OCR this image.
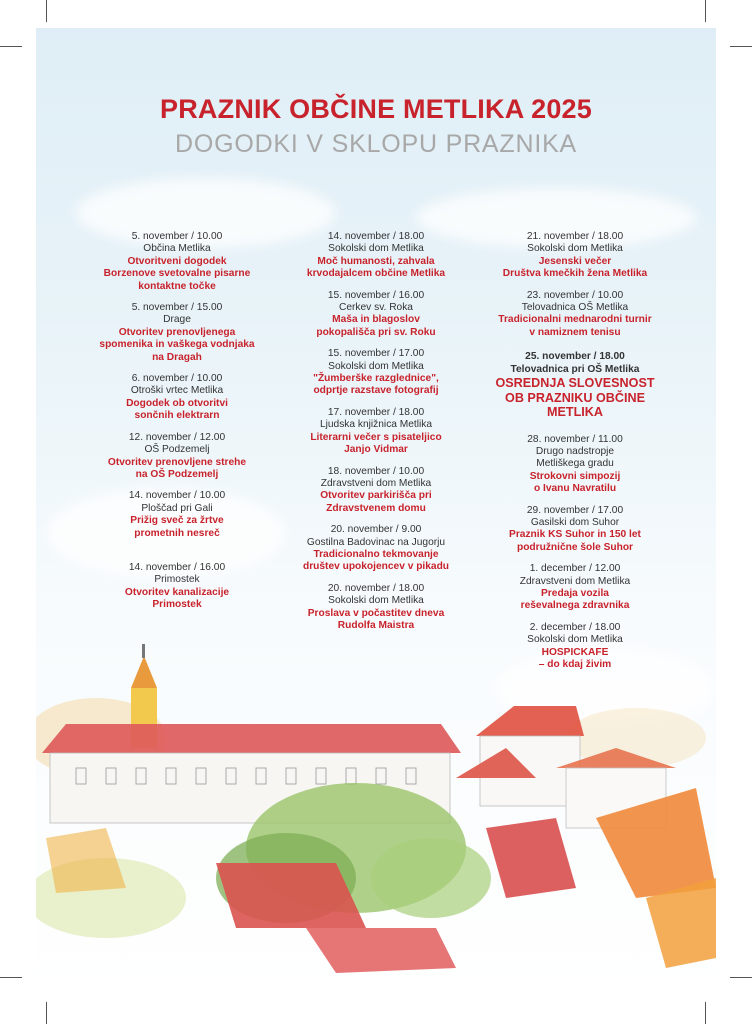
PRAZNIK OBČINE METLIKA 2025
DOGODKI V SKLOPU PRAZNIKA
5. november / 10.00
Občina Metlika
Otvoritveni dogodek
Borzenove svetovalne pisarne
kontaktne točke
5. november / 15.00
Drage
Otvoritev prenovljenega
spomenika in vaškega vodnjaka
na Dragah
6. november / 10.00
Otroški vrtec Metlika
Dogodek ob otvoritvi
sončnih elektrarn
12. november / 12.00
OŠ Podzemelj
Otvoritev prenovljene strehe
na OŠ Podzemelj
14. november / 10.00
Ploščad pri Gali
Prižig sveč za žrtve
prometnih nesreč
14. november / 16.00
Primostek
Otvoritev kanalizacije
Primostek
14. november / 18.00
Sokolski dom Metlika
Moč humanosti, zahvala
krvodajalcem občine Metlika
15. november / 16.00
Cerkev sv. Roka
Maša in blagoslov
pokopališča pri sv. Roku
15. november / 17.00
Sokolski dom Metlika
"Žumberške razglednice",
odprtje razstave fotografij
17. november / 18.00
Ljudska knjižnica Metlika
Literarni večer s pisateljico
Janjo Vidmar
18. november / 10.00
Zdravstveni dom Metlika
Otvoritev parkirišča pri
Zdravstvenem domu
20. november / 9.00
Gostilna Badovinac na Jugorju
Tradicionalno tekmovanje
društev upokojencev v pikadu
20. november / 18.00
Sokolski dom Metlika
Proslava v počastitev dneva
Rudolfa Maistra
21. november / 18.00
Sokolski dom Metlika
Jesenski večer
Društva kmečkih žena Metlika
23. november / 10.00
Telovadnica OŠ Metlika
Tradicionalni mednarodni turnir
v namiznem tenisu
25. november / 18.00
Telovadnica pri OŠ Metlika
OSREDNJA SLOVESNOST
OB PRAZNIKU OBČINE
METLIKA
28. november / 11.00
Drugo nadstropje
Metliškega gradu
Strokovni simpozij
o Ivanu Navratilu
29. november / 17.00
Gasilski dom Suhor
Praznik KS Suhor in 150 let
podružnične šole Suhor
1. december / 12.00
Zdravstveni dom Metlika
Predaja vozila
reševalnega zdravnika
2. december / 18.00
Sokolski dom Metlika
HOSPICKAFE
– do kdaj živim
